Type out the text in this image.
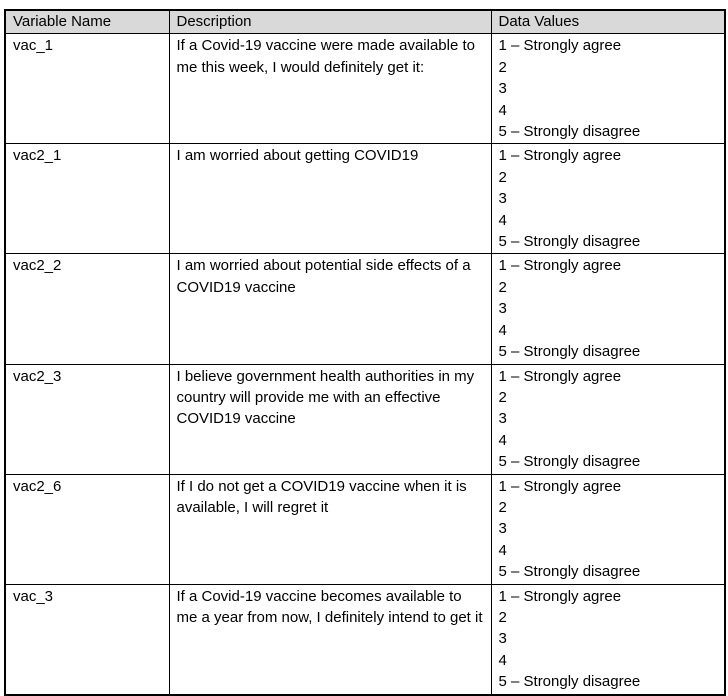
Variable Name	Description	Data Values
vac_1	If a Covid-19 vaccine were made available to me this week, I would definitely get it:	1 – Strongly agree
2
3
4
5 – Strongly disagree

vac2_1	I am worried about getting COVID19	1 – Strongly agree
2
3
4
5 – Strongly disagree

vac2_2	I am worried about potential side effects of a COVID19 vaccine	1 – Strongly agree
2
3
4
5 – Strongly disagree

vac2_3	I believe government health authorities in my country will provide me with an effective COVID19 vaccine	1 – Strongly agree
2
3
4
5 – Strongly disagree

vac2_6	If I do not get a COVID19 vaccine when it is available, I will regret it	1 – Strongly agree
2
3
4
5 – Strongly disagree

vac_3	If a Covid-19 vaccine becomes available to me a year from now, I definitely intend to get it	1 – Strongly agree
2
3
4
5 – Strongly disagree
